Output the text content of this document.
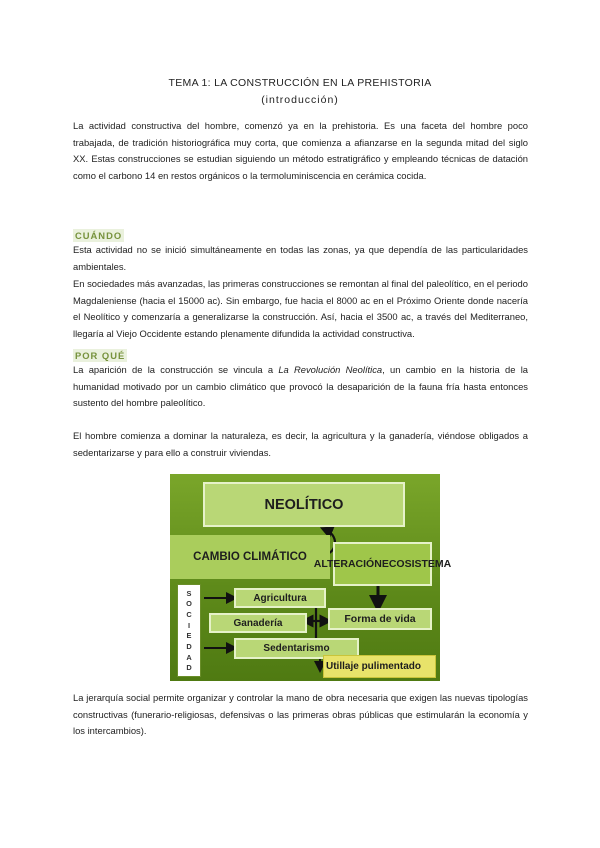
TEMA 1: LA CONSTRUCCIÓN EN LA PREHISTORIA
(introducción)

La actividad constructiva del hombre, comenzó ya en la prehistoria. Es una faceta del hombre poco trabajada, de tradición historiográfica muy corta, que comienza a afianzarse en la segunda mitad del siglo XX. Estas construcciones se estudian siguiendo un método estratigráfico y empleando técnicas de datación como el carbono 14 en restos orgánicos o la termoluminiscencia en cerámica cocida.

CUÁNDO

Esta actividad no se inició simultáneamente en todas las zonas, ya que dependía de las particularidades ambientales.

En sociedades más avanzadas, las primeras construcciones se remontan al final del paleolítico, en el periodo Magdaleniense (hacia el 15000 ac). Sin embargo, fue hacia el 8000 ac en el Próximo Oriente donde nacería el Neolítico y comenzaría a generalizarse la construcción. Así, hacia el 3500 ac, a través del Mediterraneo, llegaría al Viejo Occidente estando plenamente difundida la actividad constructiva.

POR QUÉ

La aparición de la construcción se vincula a La Revolución Neolítica, un cambio en la historia de la humanidad motivado por un cambio climático que provocó la desaparición de la fauna fría hasta entonces sustento del hombre paleolítico.

El hombre comienza a dominar la naturaleza, es decir, la agricultura y la ganadería, viéndose obligados a sedentarizarse y para ello a construir viviendas.

NEOLÍTICO
CAMBIO CLIMÁTICO
ALTERACIÓN ECOSISTEMA
Agricultura
Ganadería
Sedentarismo
Forma de vida
Utillaje pulimentado
S
O
C
I
E
D
A
D

La jerarquía social permite organizar y controlar la mano de obra necesaria que exigen las nuevas tipologías constructivas (funerario-religiosas, defensivas o las primeras obras públicas que estimularán la economía y los intercambios).
